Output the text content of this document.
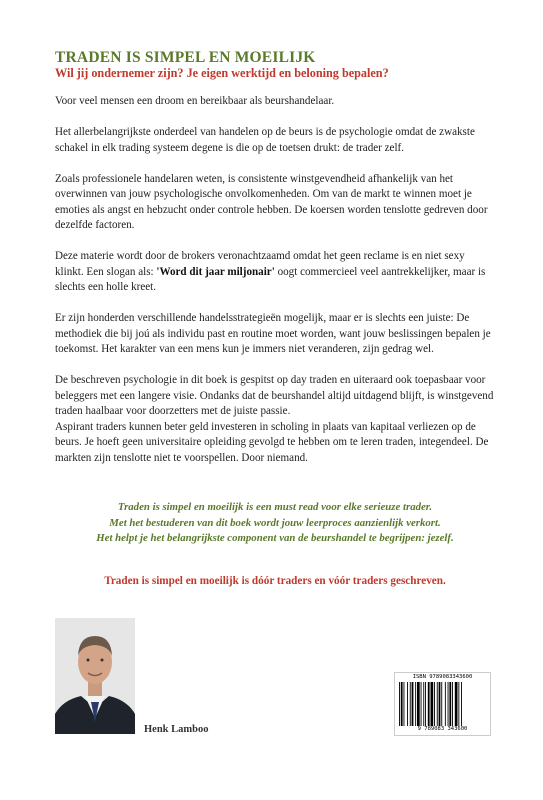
TRADEN IS SIMPEL EN MOEILIJK
Wil jij ondernemer zijn? Je eigen werktijd en beloning bepalen?

Voor veel mensen een droom en bereikbaar als beurshandelaar.

Het allerbelangrijkste onderdeel van handelen op de beurs is de psychologie omdat de zwakste schakel in elk trading systeem degene is die op de toetsen drukt: de trader zelf.

Zoals professionele handelaren weten, is consistente winstgevendheid afhankelijk van het overwinnen van jouw psychologische onvolkomenheden. Om van de markt te winnen moet je emoties als angst en hebzucht onder controle hebben. De koersen worden tenslotte gedreven door dezelfde factoren.

Deze materie wordt door de brokers veronachtzaamd omdat het geen reclame is en niet sexy klinkt. Een slogan als: 'Word dit jaar miljonair' oogt commercieel veel aantrekkelijker, maar is slechts een holle kreet.

Er zijn honderden verschillende handelsstrategieën mogelijk, maar er is slechts een juiste: De methodiek die bij joú als individu past en routine moet worden, want jouw beslissingen bepalen je toekomst. Het karakter van een mens kun je immers niet veranderen, zijn gedrag wel.

De beschreven psychologie in dit boek is gespitst op day traden en uiteraard ook toepasbaar voor beleggers met een langere visie. Ondanks dat de beurshandel altijd uitdagend blijft, is winstgevend traden haalbaar voor doorzetters met de juiste passie.
Aspirant traders kunnen beter geld investeren in scholing in plaats van kapitaal verliezen op de beurs. Je hoeft geen universitaire opleiding gevolgd te hebben om te leren traden, integendeel. De markten zijn tenslotte niet te voorspellen. Door niemand.

Traden is simpel en moeilijk is een must read voor elke serieuze trader.
Met het bestuderen van dit boek wordt jouw leerproces aanzienlijk verkort.
Het helpt je het belangrijkste component van de beurshandel te begrijpen: jezelf.
Traden is simpel en moeilijk is dóór traders en vóór traders geschreven.
Henk Lamboo
ISBN 9789083343600
9 789083 343600
